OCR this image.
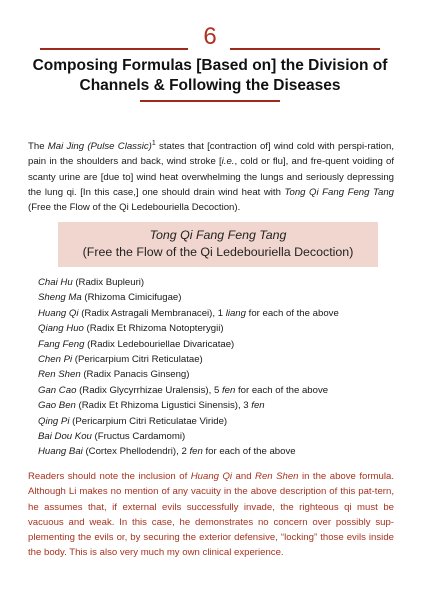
6
Composing Formulas [Based on] the Division of
Channels & Following the Diseases
The Mai Jing (Pulse Classic)$^1$ states that [contraction of] wind cold with perspi-ration, pain in the shoulders and back, wind stroke [i.e., cold or flu], and fre-quent voiding of scanty urine are [due to] wind heat overwhelming the lungs and seriously depressing the lung qi. [In this case,] one should drain wind heat with Tong Qi Fang Feng Tang (Free the Flow of the Qi Ledebouriella Decoction).
Tong Qi Fang Feng Tang
(Free the Flow of the Qi Ledebouriella Decoction)
Chai Hu (Radix Bupleuri)
Sheng Ma (Rhizoma Cimicifugae)
Huang Qi (Radix Astragali Membranacei), 1 liang for each of the above
Qiang Huo (Radix Et Rhizoma Notopterygii)
Fang Feng (Radix Ledebouriellae Divaricatae)
Chen Pi (Pericarpium Citri Reticulatae)
Ren Shen (Radix Panacis Ginseng)
Gan Cao (Radix Glycyrrhizae Uralensis), 5 fen for each of the above
Gao Ben (Radix Et Rhizoma Ligustici Sinensis), 3 fen
Qing Pi (Pericarpium Citri Reticulatae Viride)
Bai Dou Kou (Fructus Cardamomi)
Huang Bai (Cortex Phellodendri), 2 fen for each of the above
Readers should note the inclusion of Huang Qi and Ren Shen in the above formula. Although Li makes no mention of any vacuity in the above description of this pat-tern, he assumes that, if external evils successfully invade, the righteous qi must be vacuous and weak. In this case, he demonstrates no concern over possibly sup-plementing the evils or, by securing the exterior defensive, “locking” those evils inside the body. This is also very much my own clinical experience.
